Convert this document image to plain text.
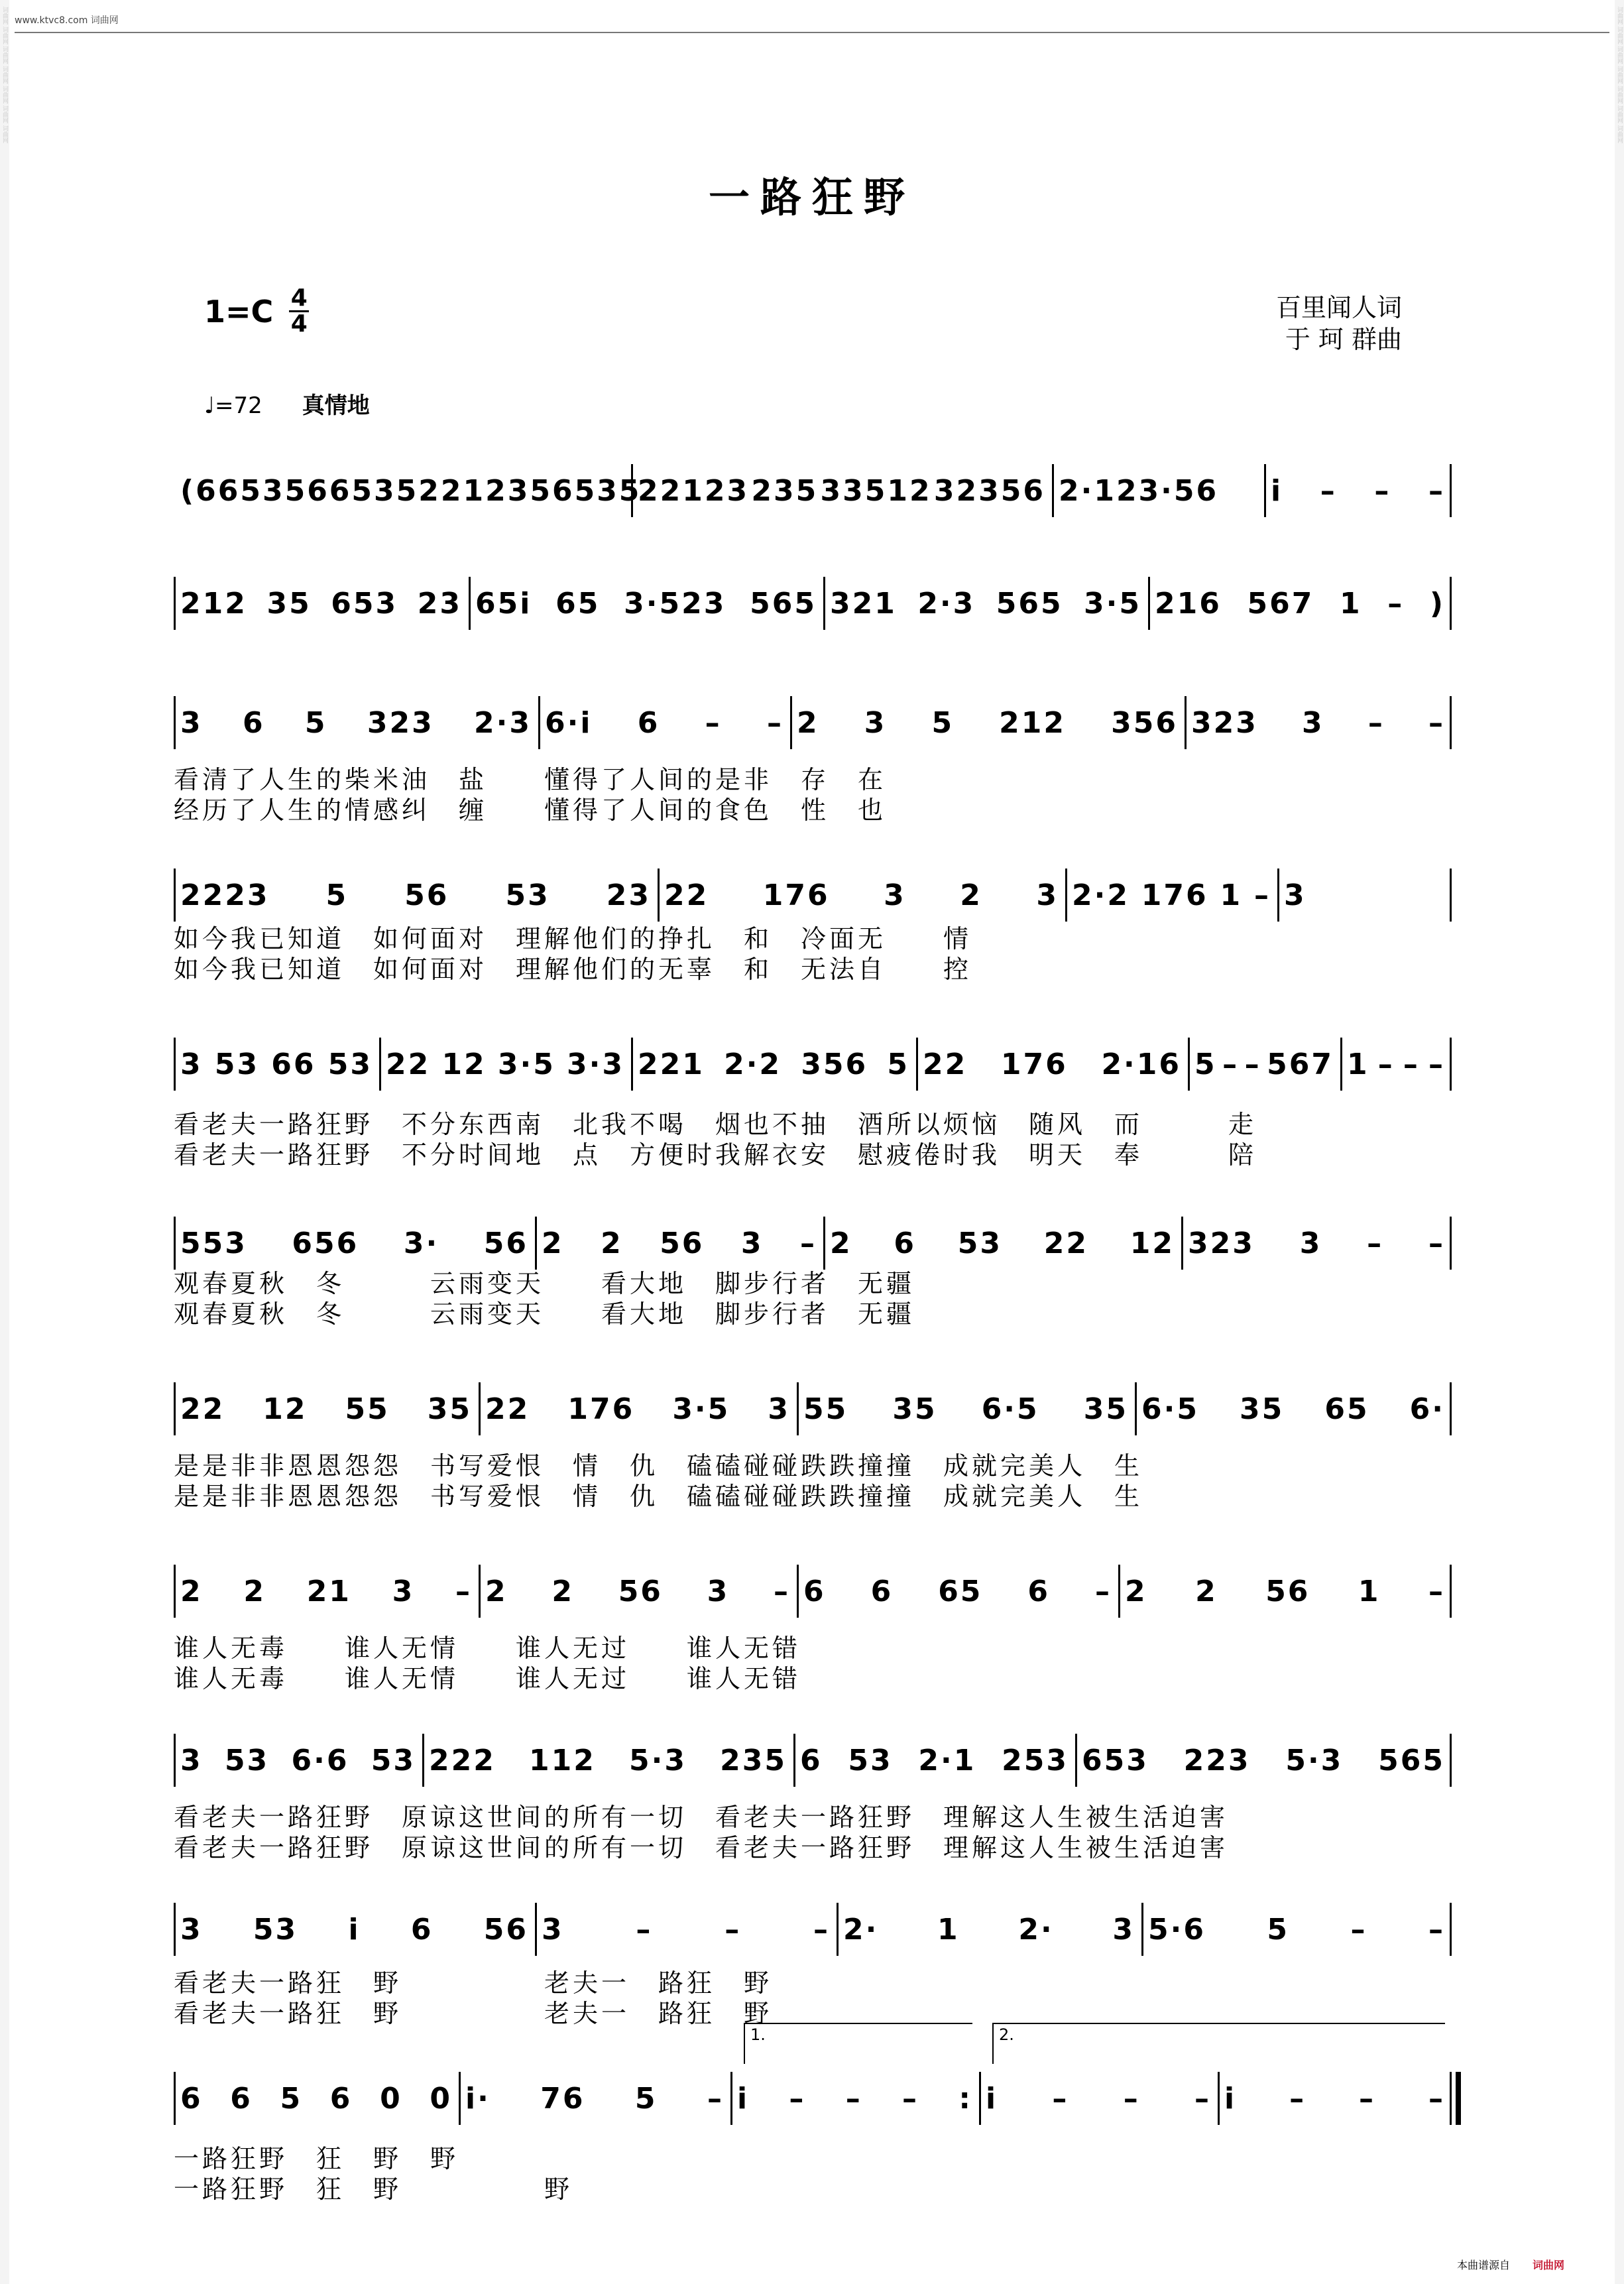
词曲网 词曲网 词曲网 词曲网 词曲网 词曲网 词曲网	词曲网 词曲网 词曲网 词曲网 词曲网 词曲网 词曲网
www.ktvc8.com 词曲网
一路狂野
1=C 4
4
百里闻人词
于 珂 群曲
♩=72 真情地
(66535 66535 22123 56535
22123 235 33512 32356 2·123·56 i – – –
212 35 653 23 65i 65 3·523 565 321 2·3 565 3·5 216 567 1 – )
3 6 5 323 2·3 6·i 6 – – 2 3 5 212 356 323 3 – –
看清了人生的柴米油　盐　　懂得了人间的是非　存　在
经历了人生的情感纠　缠　　懂得了人间的食色　性　也
2223 5 56 53 23 22 176 3 2 3 2·2 176 1 – 3
如今我已知道　如何面对　理解他们的挣扎　和　冷面无　　情
如今我已知道　如何面对　理解他们的无辜　和　无法自　　控
3 53 66 53 22 12 3·5 3·3 221 2·2 356 5 22 176 2·16 5 – – 567 1 – – –
看老夫一路狂野　不分东西南　北我不喝　烟也不抽　酒所以烦恼　随风　而　　　走
看老夫一路狂野　不分时间地　点　方便时我解衣安　慰疲倦时我　明天　奉　　　陪
553 656 3· 56 2 2 56 3 – 2 6 53 22 12 323 3 – –
观春夏秋　冬　　　云雨变天　　看大地　脚步行者　无疆
观春夏秋　冬　　　云雨变天　　看大地　脚步行者　无疆
22 12 55 35 22 176 3·5 3 55 35 6·5 35 6·5 35 65 6·
是是非非恩恩怨怨　书写爱恨　情　仇　磕磕碰碰跌跌撞撞　成就完美人　生
是是非非恩恩怨怨　书写爱恨　情　仇　磕磕碰碰跌跌撞撞　成就完美人　生
2 2 21 3 – 2 2 56 3 – 6 6 65 6 – 2 2 56 1 –
谁人无毒　　谁人无情　　谁人无过　　谁人无错
谁人无毒　　谁人无情　　谁人无过　　谁人无错
3 53 6·6 53 222 112 5·3 235 6 53 2·1 253 653 223 5·3 565
看老夫一路狂野　原谅这世间的所有一切　看老夫一路狂野　理解这人生被生活迫害
看老夫一路狂野　原谅这世间的所有一切　看老夫一路狂野　理解这人生被生活迫害
3 53 i 6 56 3 – – – 2· 1 2· 3 5·6 5 – –
看老夫一路狂　野　　　　　老夫一　路狂　野
看老夫一路狂　野　　　　　老夫一　路狂　野
6 6 5 6 0 0 i· 76 5 – i – – – : i – – – i – – –
1.	2.
一路狂野　狂　野　野
一路狂野　狂　野　　　　　野
本曲谱源自 词曲网
